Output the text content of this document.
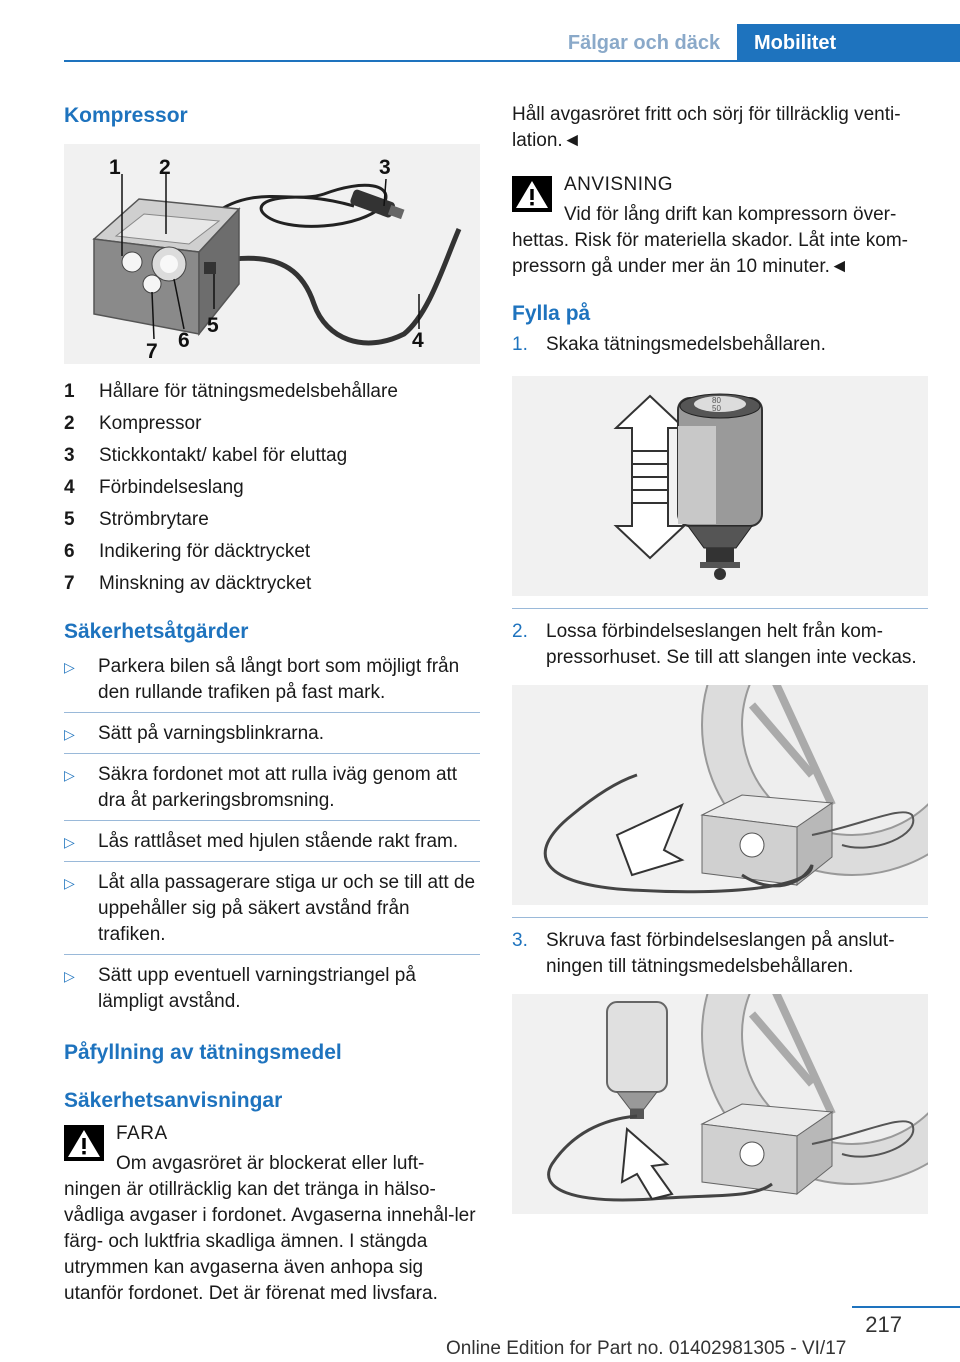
Fälgar och däck	Mobilitet
Kompressor
1 2	3
4
5
6
7
1	Hållare för tätningsmedelsbehållare
2	Kompressor
3	Stickkontakt/ kabel för eluttag
4	Förbindelseslang
5	Strömbrytare
6	Indikering för däcktrycket
7	Minskning av däcktrycket
Säkerhetsåtgärder
▷	Parkera bilen så långt bort som möjligt från den rullande trafiken på fast mark.
▷	Sätt på varningsblinkrarna.
▷	Säkra fordonet mot att rulla iväg genom att dra åt parkeringsbromsning.
▷	Lås rattlåset med hjulen stående rakt fram.
▷	Låt alla passagerare stiga ur och se till att de uppehåller sig på säkert avstånd från trafiken.
▷	Sätt upp eventuell varningstriangel på lämpligt avstånd.
Påfyllning av tätningsmedel
Säkerhetsanvisningar
FARA
Om avgasröret är blockerat eller luft-

ningen är otillräcklig kan det tränga in hälso-vådliga avgaser i fordonet. Avgaserna innehål-ler färg- och luktfria skadliga ämnen. I stängda utrymmen kan avgaserna även anhopa sig utanför fordonet. Det är förenat med livsfara.

Håll avgasröret fritt och sörj för tillräcklig venti-lation.◄

ANVISNING
Vid för lång drift kan kompressorn över-

hettas. Risk för materiella skador. Låt inte kom-pressorn gå under mer än 10 minuter.◄

Fylla på
1. Skaka tätningsmedelsbehållaren.
80
50
2. Lossa förbindelseslangen helt från kom-pressorhuset. Se till att slangen inte veckas.
3. Skruva fast förbindelseslangen på anslut-ningen till tätningsmedelsbehållaren.
217
Online Edition for Part no. 01402981305 - VI/17
